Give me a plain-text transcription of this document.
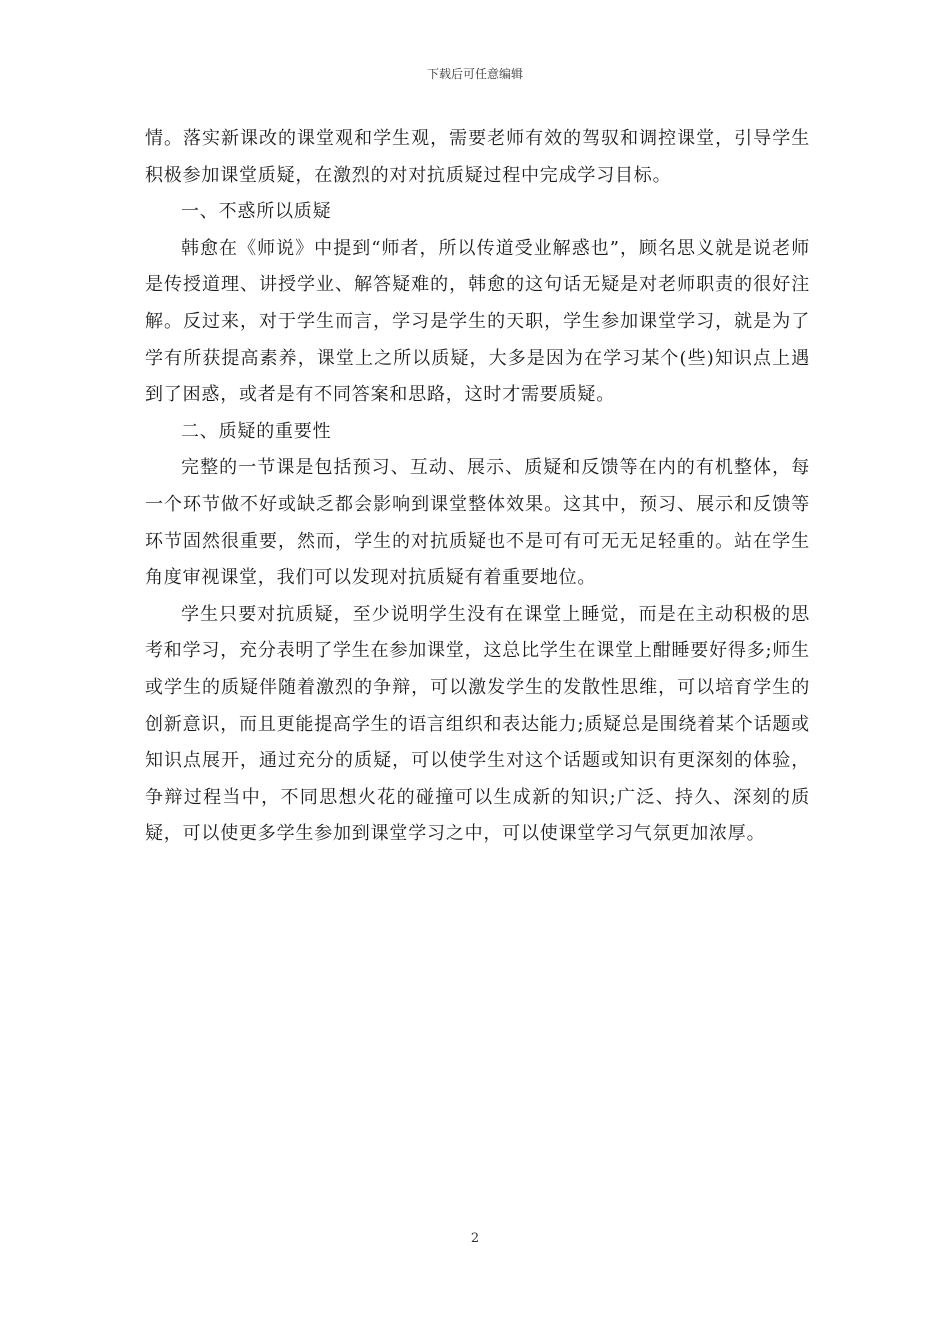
下载后可任意编辑

情。落实新课改的课堂观和学生观，需要老师有效的驾驭和调控课堂，引导学生积极参加课堂质疑，在激烈的对对抗质疑过程中完成学习目标。

一、不惑所以质疑

韩愈在《师说》中提到“师者，所以传道受业解惑也”，顾名思义就是说老师是传授道理、讲授学业、解答疑难的，韩愈的这句话无疑是对老师职责的很好注解。反过来，对于学生而言，学习是学生的天职，学生参加课堂学习，就是为了学有所获提高素养，课堂上之所以质疑，大多是因为在学习某个(些)知识点上遇到了困惑，或者是有不同答案和思路，这时才需要质疑。

二、质疑的重要性

完整的一节课是包括预习、互动、展示、质疑和反馈等在内的有机整体，每一个环节做不好或缺乏都会影响到课堂整体效果。这其中，预习、展示和反馈等环节固然很重要，然而，学生的对抗质疑也不是可有可无无足轻重的。站在学生角度审视课堂，我们可以发现对抗质疑有着重要地位。

学生只要对抗质疑，至少说明学生没有在课堂上睡觉，而是在主动积极的思考和学习，充分表明了学生在参加课堂，这总比学生在课堂上酣睡要好得多;师生或学生的质疑伴随着激烈的争辩，可以激发学生的发散性思维，可以培育学生的创新意识，而且更能提高学生的语言组织和表达能力;质疑总是围绕着某个话题或知识点展开，通过充分的质疑，可以使学生对这个话题或知识有更深刻的体验，争辩过程当中，不同思想火花的碰撞可以生成新的知识;广泛、持久、深刻的质疑，可以使更多学生参加到课堂学习之中，可以使课堂学习气氛更加浓厚。

2
